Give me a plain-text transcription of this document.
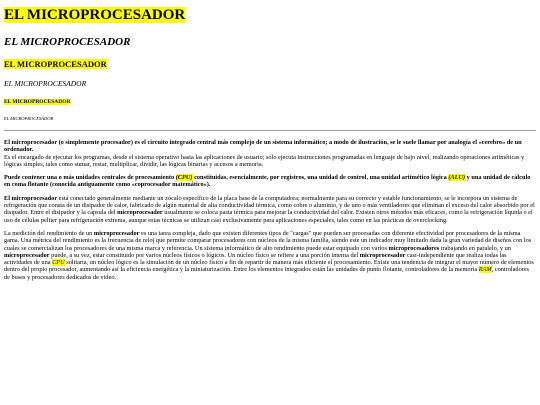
EL MICROPROCESADOR
EL MICROPROCESADOR
EL MICROPROCESADOR
EL MICROPROCESADOR
EL MICROPROCESADOR
EL MICROPROCESADOR

El microprocesador (o simplemente procesador) es el circuito integrado central más complejo de un sistema informático; a modo de ilustración, se le suele llamar por analogía el «cerebro» de un ordenador.
Es el encargado de ejecutar los programas, desde el sistema operativo hasta las aplicaciones de usuario; sólo ejecuta instrucciones programadas en lenguaje de bajo nivel, realizando operaciones aritméticas y lógicas simples, tales como sumar, restar, multiplicar, dividir, las lógicas binarias y accesos a memoria.

Puede contener una o más unidades centrales de procesamiento (CPU) constituidas, esencialmente, por registros, una unidad de control, una unidad aritmético lógica (ALU) y una unidad de cálculo en coma flotante (conocida antiguamente como «coprocesador matemático»).

El microprocesador está conectado generalmente mediante un zócalo específico de la placa base de la computadora; normalmente para su correcto y estable funcionamiento, se le incorpora un sistema de refrigeración que consta de un disipador de calor, fabricado de algún material de alta conductividad térmica, como cobre o aluminio, y de uno o más ventiladores que eliminan el exceso del calor absorbido por el disipador. Entre el disipador y la cápsula del microprocesador usualmente se coloca pasta térmica para mejorar la conductividad del calor. Existen otros métodos más eficaces, como la refrigeración líquida o el uso de células peltier para refrigeración extrema, aunque estas técnicas se utilizan casi exclusivamente para aplicaciones especiales, tales como en las prácticas de overclocking.

La medición del rendimiento de un microprocesador es una tarea compleja, dado que existen diferentes tipos de "cargas" que pueden ser procesadas con diferente efectividad por procesadores de la misma gama. Una métrica del rendimiento es la frecuencia de reloj que permite comparar procesadores con núcleos de la misma familia, siendo este un indicador muy limitado dada la gran variedad de diseños con los cuales se comercializan los procesadores de una misma marca y referencia. Un sistema informático de alto rendimiento puede estar equipado con varios microprocesadores trabajando en paralelo, y un microprocesador puede, a su vez, estar constituido por varios núcleos físicos o lógicos. Un núcleo físico se refiere a una porción interna del microprocesador casi-independiente que realiza todas las actividades de una CPU solitaria, un núcleo lógico es la simulación de un núcleo físico a fin de repartir de manera más eficiente el procesamiento. Existe una tendencia de integrar el mayor número de elementos dentro del propio procesador, aumentando así la eficiencia energética y la miniaturización. Entre los elementos integrados están las unidades de punto flotante, controladores de la memoria RAM, controladores de buses y procesadores dedicados de video.
